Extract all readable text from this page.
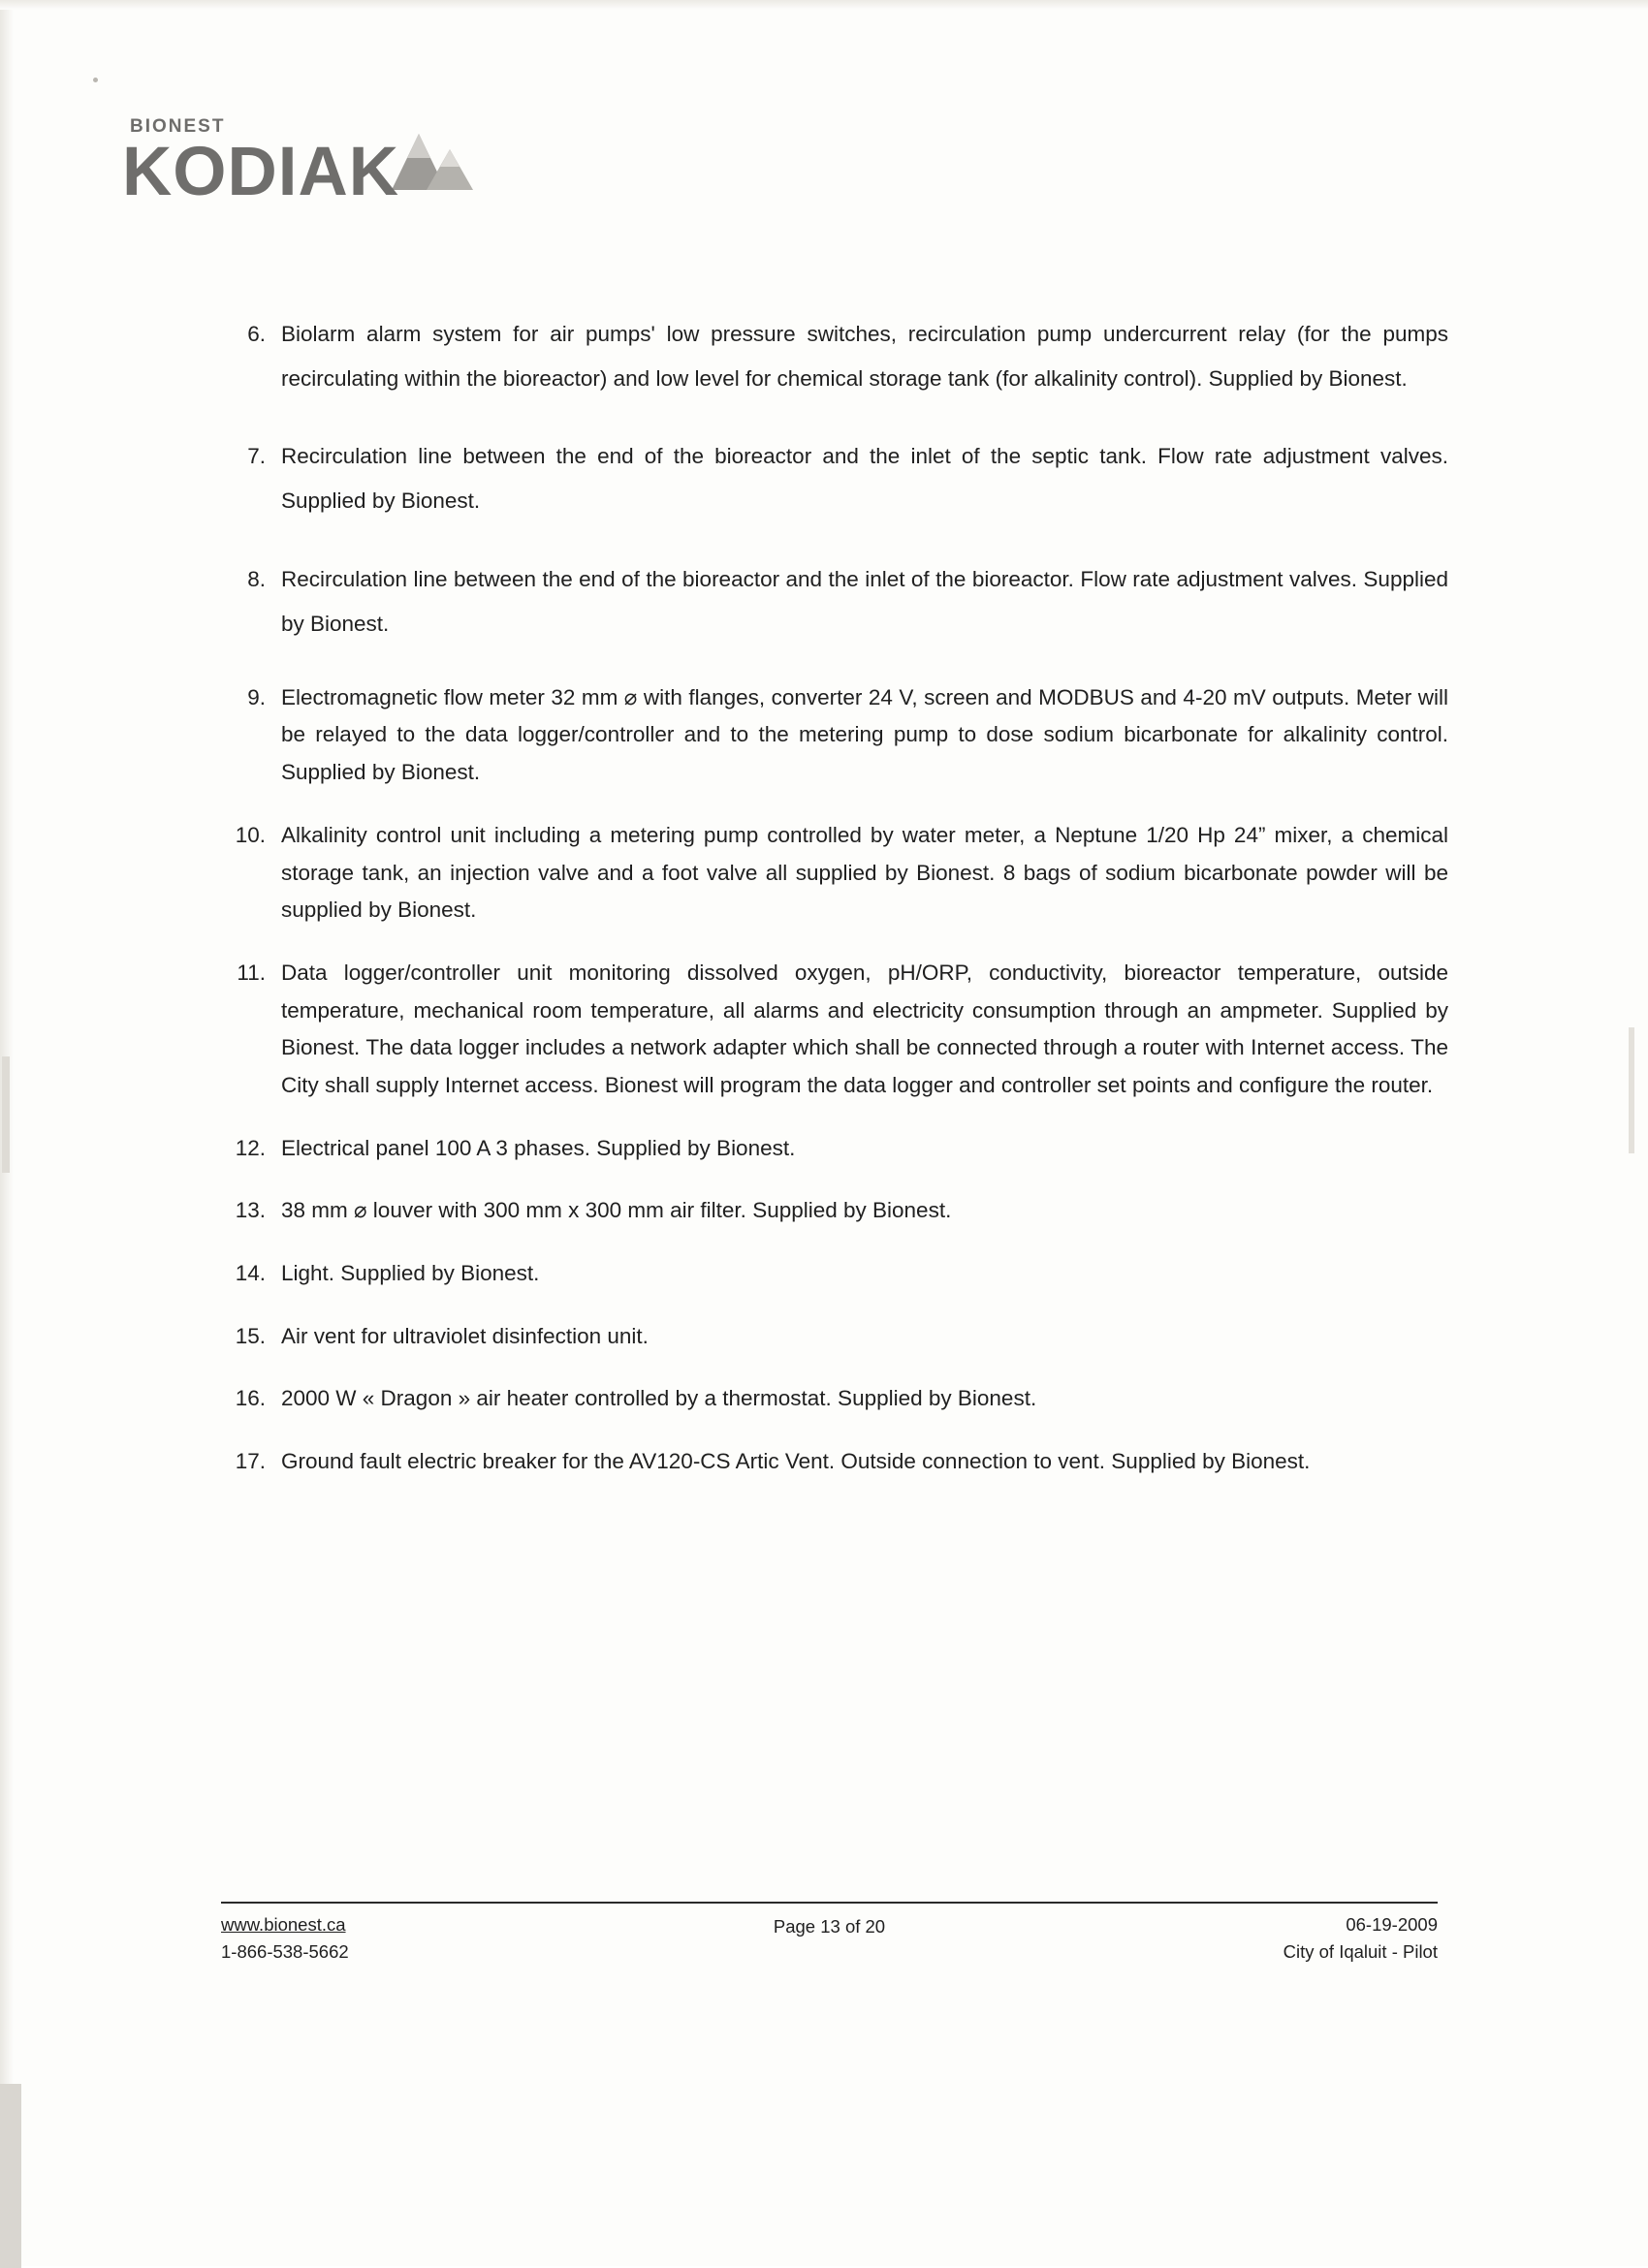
BIONEST
KODIAK
6. Biolarm alarm system for air pumps' low pressure switches, recirculation pump undercurrent relay (for the pumps recirculating within the bioreactor) and low level for chemical storage tank (for alkalinity control). Supplied by Bionest.
7. Recirculation line between the end of the bioreactor and the inlet of the septic tank. Flow rate adjustment valves. Supplied by Bionest.
8. Recirculation line between the end of the bioreactor and the inlet of the bioreactor. Flow rate adjustment valves. Supplied by Bionest.
9. Electromagnetic flow meter 32 mm ⌀ with flanges, converter 24 V, screen and MODBUS and 4-20 mV outputs. Meter will be relayed to the data logger/controller and to the metering pump to dose sodium bicarbonate for alkalinity control. Supplied by Bionest.
10. Alkalinity control unit including a metering pump controlled by water meter, a Neptune 1/20 Hp 24” mixer, a chemical storage tank, an injection valve and a foot valve all supplied by Bionest. 8 bags of sodium bicarbonate powder will be supplied by Bionest.
11. Data logger/controller unit monitoring dissolved oxygen, pH/ORP, conductivity, bioreactor temperature, outside temperature, mechanical room temperature, all alarms and electricity consumption through an ampmeter. Supplied by Bionest. The data logger includes a network adapter which shall be connected through a router with Internet access. The City shall supply Internet access. Bionest will program the data logger and controller set points and configure the router.
12. Electrical panel 100 A 3 phases. Supplied by Bionest.
13. 38 mm ⌀ louver with 300 mm x 300 mm air filter. Supplied by Bionest.
14. Light. Supplied by Bionest.
15. Air vent for ultraviolet disinfection unit.
16. 2000 W « Dragon » air heater controlled by a thermostat. Supplied by Bionest.
17. Ground fault electric breaker for the AV120-CS Artic Vent. Outside connection to vent. Supplied by Bionest.
www.bionest.ca
1-866-538-5662
Page 13 of 20	06-19-2009
City of Iqaluit - Pilot
